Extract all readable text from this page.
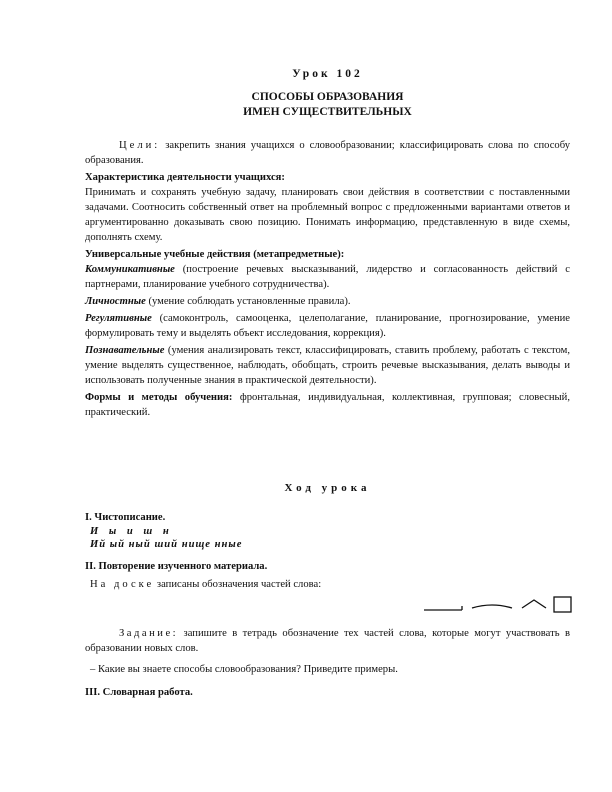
Урок 102
СПОСОБЫ ОБРАЗОВАНИЯ
ИМЕН СУЩЕСТВИТЕЛЬНЫХ

Цели: закрепить знания учащихся о словообразовании; классифицировать слова по способу образования.

Характеристика деятельности учащихся:

Принимать и сохранять учебную задачу, планировать свои действия в соответствии с поставленными задачами. Соотносить собственный ответ на проблемный вопрос с предложенными вариантами ответов и аргументированно доказывать свою позицию. Понимать информацию, представленную в виде схемы, дополнять схему.

Универсальные учебные действия (метапредметные):

Коммуникативные (построение речевых высказываний, лидерство и согласованность действий с партнерами, планирование учебного сотрудничества).

Личностные (умение соблюдать установленные правила).

Регулятивные (самоконтроль, самооценка, целеполагание, планирование, прогнозирование, умение формулировать тему и выделять объект исследования, коррекция).

Познавательные (умения анализировать текст, классифицировать, ставить проблему, работать с текстом, умение выделять существенное, наблюдать, обобщать, строить речевые высказывания, делать выводы и использовать полученные знания в практической деятельности).

Формы и методы обучения: фронтальная, индивидуальная, коллективная, групповая; словесный, практический.

Ход урока

I. Чистописание.

И ы и ш н

Ий ый ный ший нище нные

II. Повторение изученного материала.

На доске записаны обозначения частей слова:

Задание: запишите в тетрадь обозначение тех частей слова, которые могут участвовать в образовании новых слов.

– Какие вы знаете способы словообразования? Приведите примеры.

III. Словарная работа.
